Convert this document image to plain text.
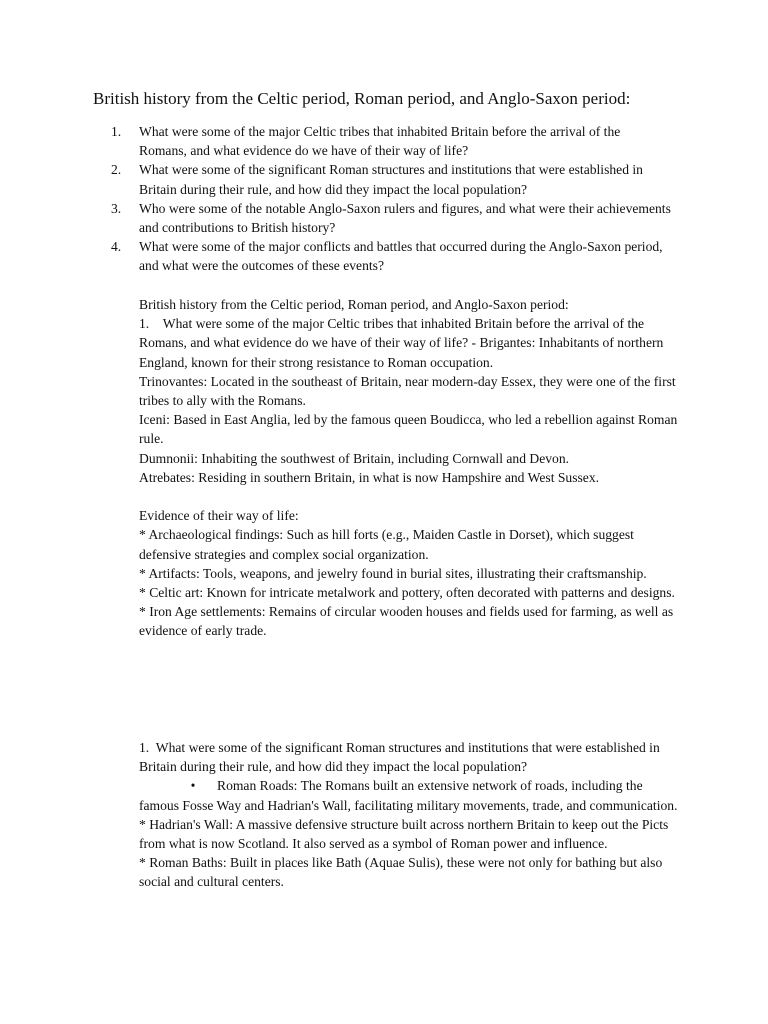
British history from the Celtic period, Roman period, and Anglo-Saxon period:
1. What were some of the major Celtic tribes that inhabited Britain before the arrival of the Romans, and what evidence do we have of their way of life?
2. What were some of the significant Roman structures and institutions that were established in Britain during their rule, and how did they impact the local population?
3. Who were some of the notable Anglo-Saxon rulers and figures, and what were their achievements and contributions to British history?
4. What were some of the major conflicts and battles that occurred during the Anglo-Saxon period, and what were the outcomes of these events?

British history from the Celtic period, Roman period, and Anglo-Saxon period:

1. What were some of the major Celtic tribes that inhabited Britain before the arrival of the Romans, and what evidence do we have of their way of life? - Brigantes: Inhabitants of northern England, known for their strong resistance to Roman occupation.

Trinovantes: Located in the southeast of Britain, near modern-day Essex, they were one of the first tribes to ally with the Romans.

Iceni: Based in East Anglia, led by the famous queen Boudicca, who led a rebellion against Roman rule.

Dumnonii: Inhabiting the southwest of Britain, including Cornwall and Devon.

Atrebates: Residing in southern Britain, in what is now Hampshire and West Sussex.

Evidence of their way of life:

* Archaeological findings: Such as hill forts (e.g., Maiden Castle in Dorset), which suggest defensive strategies and complex social organization.

* Artifacts: Tools, weapons, and jewelry found in burial sites, illustrating their craftsmanship.

* Celtic art: Known for intricate metalwork and pottery, often decorated with patterns and designs.

* Iron Age settlements: Remains of circular wooden houses and fields used for farming, as well as evidence of early trade.

1. What were some of the significant Roman structures and institutions that were established in Britain during their rule, and how did they impact the local population?

• Roman Roads: The Romans built an extensive network of roads, including the famous Fosse Way and Hadrian's Wall, facilitating military movements, trade, and communication.

* Hadrian's Wall: A massive defensive structure built across northern Britain to keep out the Picts from what is now Scotland. It also served as a symbol of Roman power and influence.

* Roman Baths: Built in places like Bath (Aquae Sulis), these were not only for bathing but also social and cultural centers.
